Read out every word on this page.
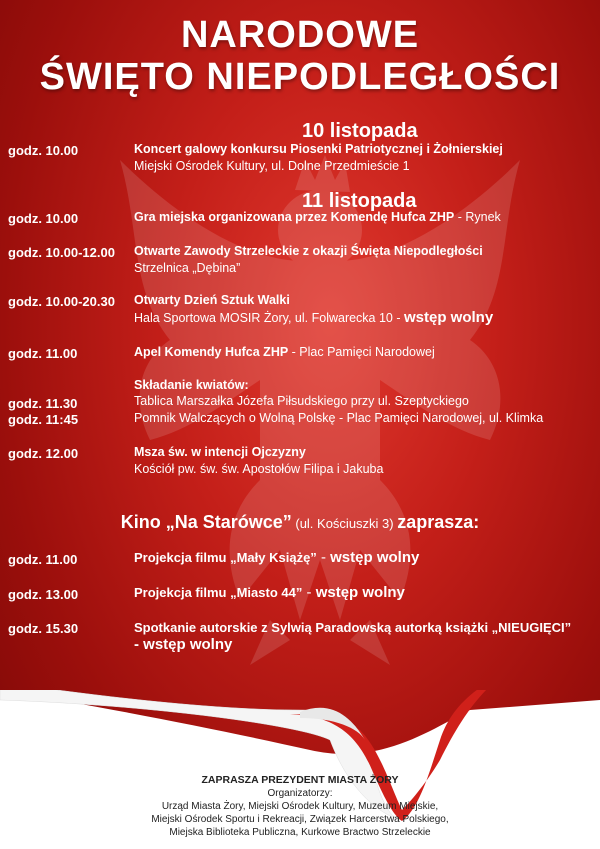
NARODOWE
ŚWIĘTO NIEPODLEGŁOŚCI
10 listopada
godz. 10.00	Koncert galowy konkursu Piosenki Patriotycznej i Żołnierskiej
Miejski Ośrodek Kultury, ul. Dolne Przedmieście 1
11 listopada
godz. 10.00	Gra miejska organizowana przez Komendę Hufca ZHP - Rynek
godz. 10.00-12.00 Otwarte Zawody Strzeleckie z okazji Święta Niepodległości
Strzelnica „Dębina”
godz. 10.00-20.30 Otwarty Dzień Sztuk Walki
Hala Sportowa MOSIR Żory, ul. Folwarecka 10 - wstęp wolny
godz. 11.00	Apel Komendy Hufca ZHP - Plac Pamięci Narodowej
Składanie kwiatów:
godz. 11.30	Tablica Marszałka Józefa Piłsudskiego przy ul. Szeptyckiego
godz. 11:45	Pomnik Walczących o Wolną Polskę - Plac Pamięci Narodowej, ul. Klimka
godz. 12.00	Msza św. w intencji Ojczyzny
Kościół pw. św. św. Apostołów Filipa i Jakuba
Kino „Na Starówce” (ul. Kościuszki 3) zaprasza:
godz. 11.00	Projekcja filmu „Mały Książę” - wstęp wolny
godz. 13.00	Projekcja filmu „Miasto 44” - wstęp wolny
godz. 15.30	Spotkanie autorskie z Sylwią Paradowską autorką książki „NIEUGIĘCI”
- wstęp wolny
ZAPRASZA PREZYDENT MIASTA ŻORY
Organizatorzy:
Urząd Miasta Żory, Miejski Ośrodek Kultury, Muzeum Miejskie,
Miejski Ośrodek Sportu i Rekreacji, Związek Harcerstwa Polskiego,
Miejska Biblioteka Publiczna, Kurkowe Bractwo Strzeleckie
